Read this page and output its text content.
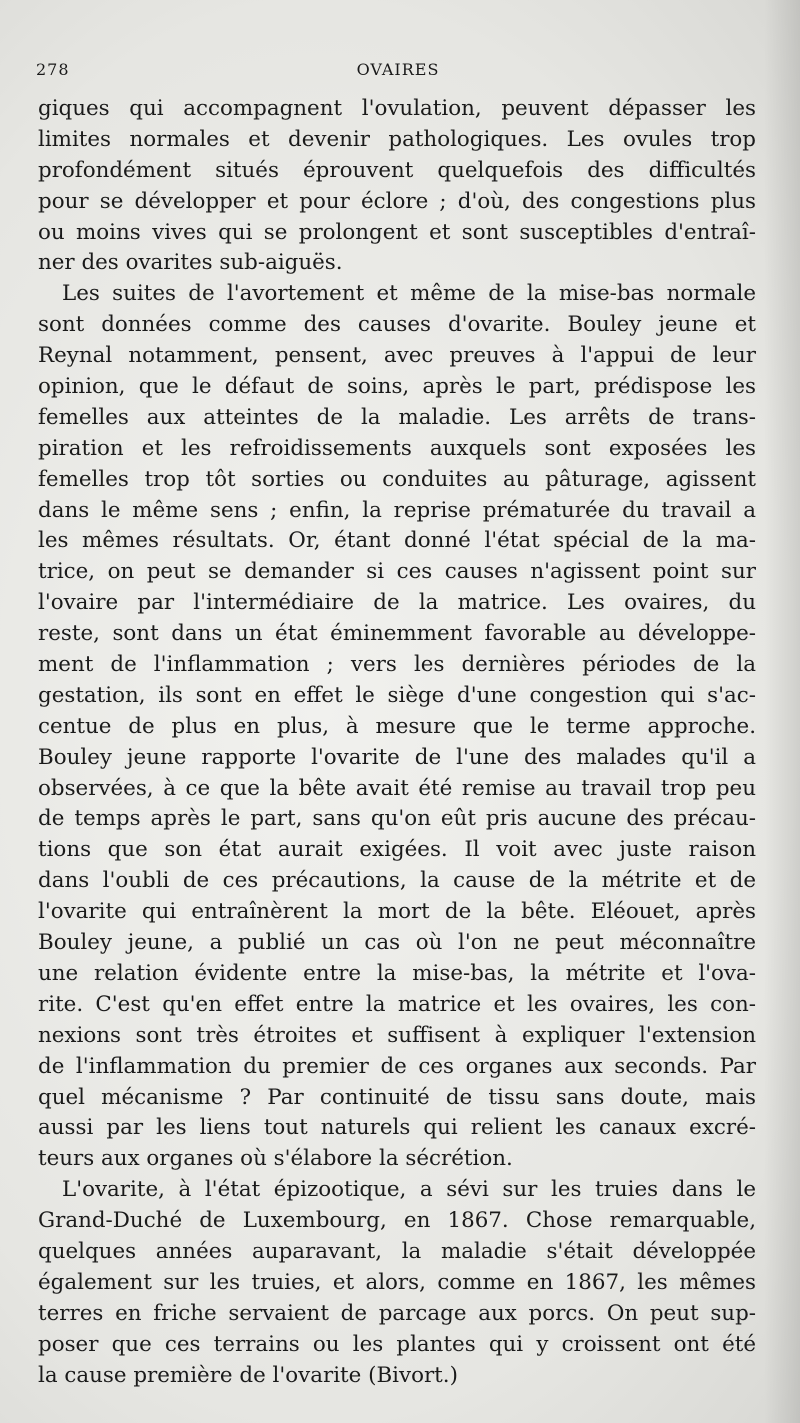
278	OVAIRES
giques qui accompagnent l'ovulation, peuvent dépasser les
limites normales et devenir pathologiques. Les ovules trop
profondément situés éprouvent quelquefois des difficultés
pour se développer et pour éclore ; d'où, des congestions plus
ou moins vives qui se prolongent et sont susceptibles d'entraî-
ner des ovarites sub-aiguës.
Les suites de l'avortement et même de la mise-bas normale
sont données comme des causes d'ovarite. Bouley jeune et
Reynal notamment, pensent, avec preuves à l'appui de leur
opinion, que le défaut de soins, après le part, prédispose les
femelles aux atteintes de la maladie. Les arrêts de trans-
piration et les refroidissements auxquels sont exposées les
femelles trop tôt sorties ou conduites au pâturage, agissent
dans le même sens ; enfin, la reprise prématurée du travail a
les mêmes résultats. Or, étant donné l'état spécial de la ma-
trice, on peut se demander si ces causes n'agissent point sur
l'ovaire par l'intermédiaire de la matrice. Les ovaires, du
reste, sont dans un état éminemment favorable au développe-
ment de l'inflammation ; vers les dernières périodes de la
gestation, ils sont en effet le siège d'une congestion qui s'ac-
centue de plus en plus, à mesure que le terme approche.
Bouley jeune rapporte l'ovarite de l'une des malades qu'il a
observées, à ce que la bête avait été remise au travail trop peu
de temps après le part, sans qu'on eût pris aucune des précau-
tions que son état aurait exigées. Il voit avec juste raison
dans l'oubli de ces précautions, la cause de la métrite et de
l'ovarite qui entraînèrent la mort de la bête. Eléouet, après
Bouley jeune, a publié un cas où l'on ne peut méconnaître
une relation évidente entre la mise-bas, la métrite et l'ova-
rite. C'est qu'en effet entre la matrice et les ovaires, les con-
nexions sont très étroites et suffisent à expliquer l'extension
de l'inflammation du premier de ces organes aux seconds. Par
quel mécanisme ? Par continuité de tissu sans doute, mais
aussi par les liens tout naturels qui relient les canaux excré-
teurs aux organes où s'élabore la sécrétion.
L'ovarite, à l'état épizootique, a sévi sur les truies dans le
Grand-Duché de Luxembourg, en 1867. Chose remarquable,
quelques années auparavant, la maladie s'était développée
également sur les truies, et alors, comme en 1867, les mêmes
terres en friche servaient de parcage aux porcs. On peut sup-
poser que ces terrains ou les plantes qui y croissent ont été
la cause première de l'ovarite (Bivort.)
